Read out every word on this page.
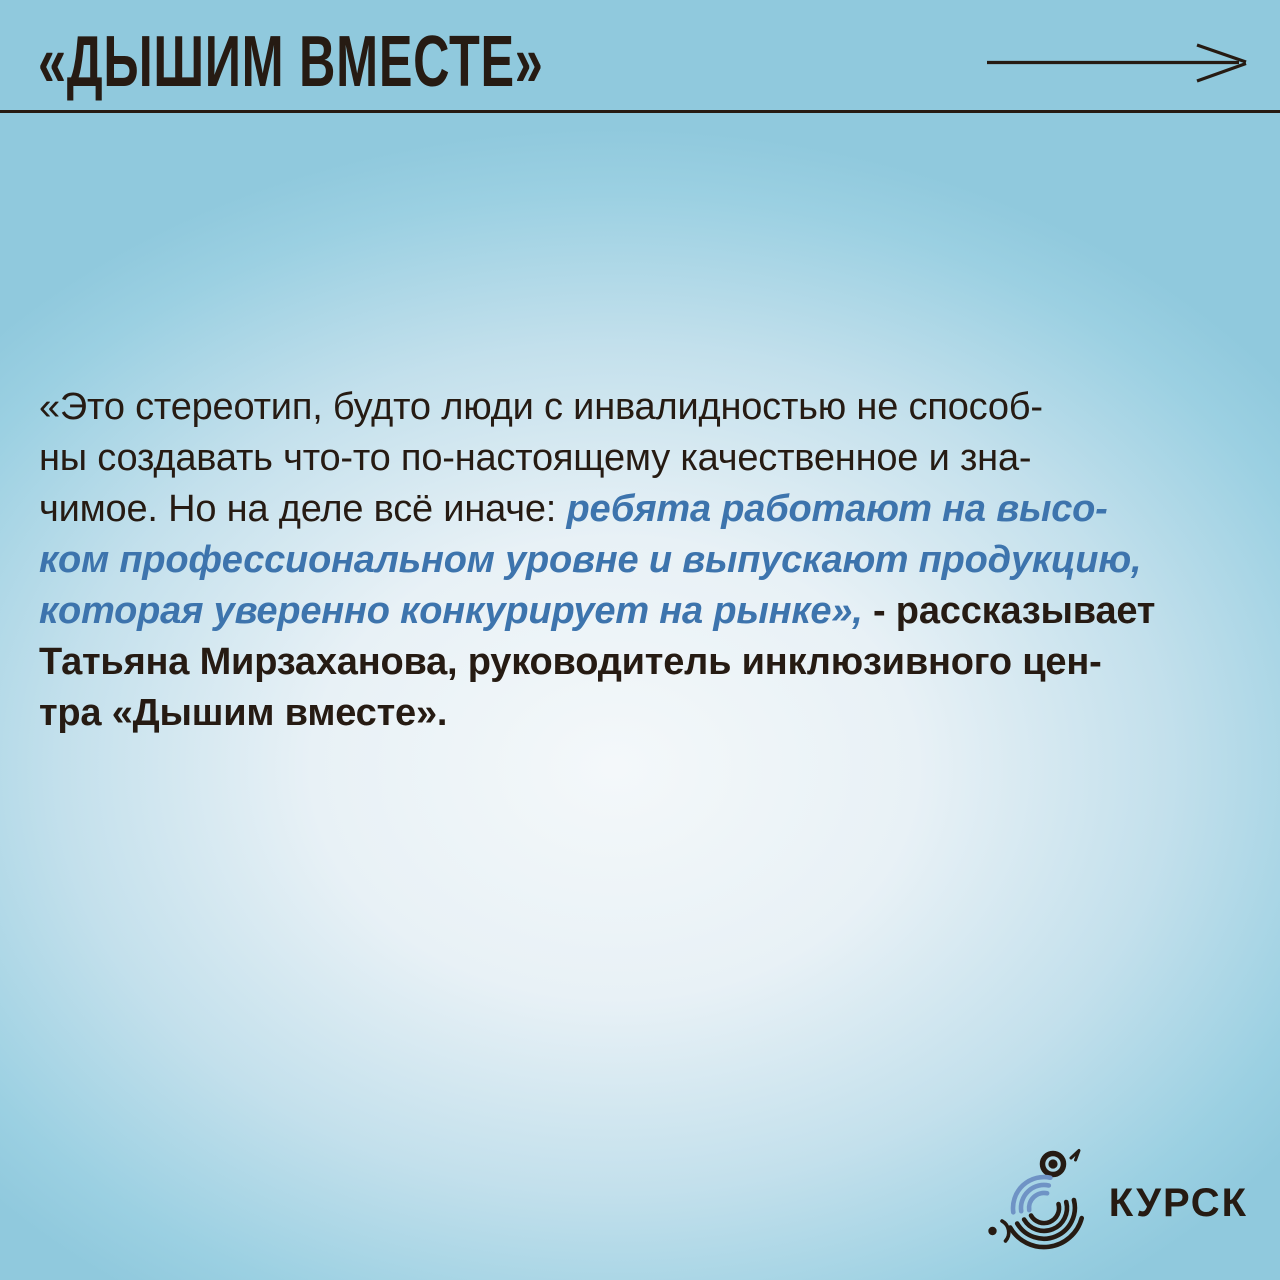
«ДЫШИМ ВМЕСТЕ»
«Это стереотип, будто люди с инвалидностью не способ-
ны создавать что-то по-настоящему качественное и зна-
чимое. Но на деле всё иначе: ребята работают на высо-
ком профессиональном уровне и выпускают продукцию,
которая уверенно конкурирует на рынке», - рассказывает
Татьяна Мирзаханова, руководитель инклюзивного цен-
тра «Дышим вместе».
КУРСК
